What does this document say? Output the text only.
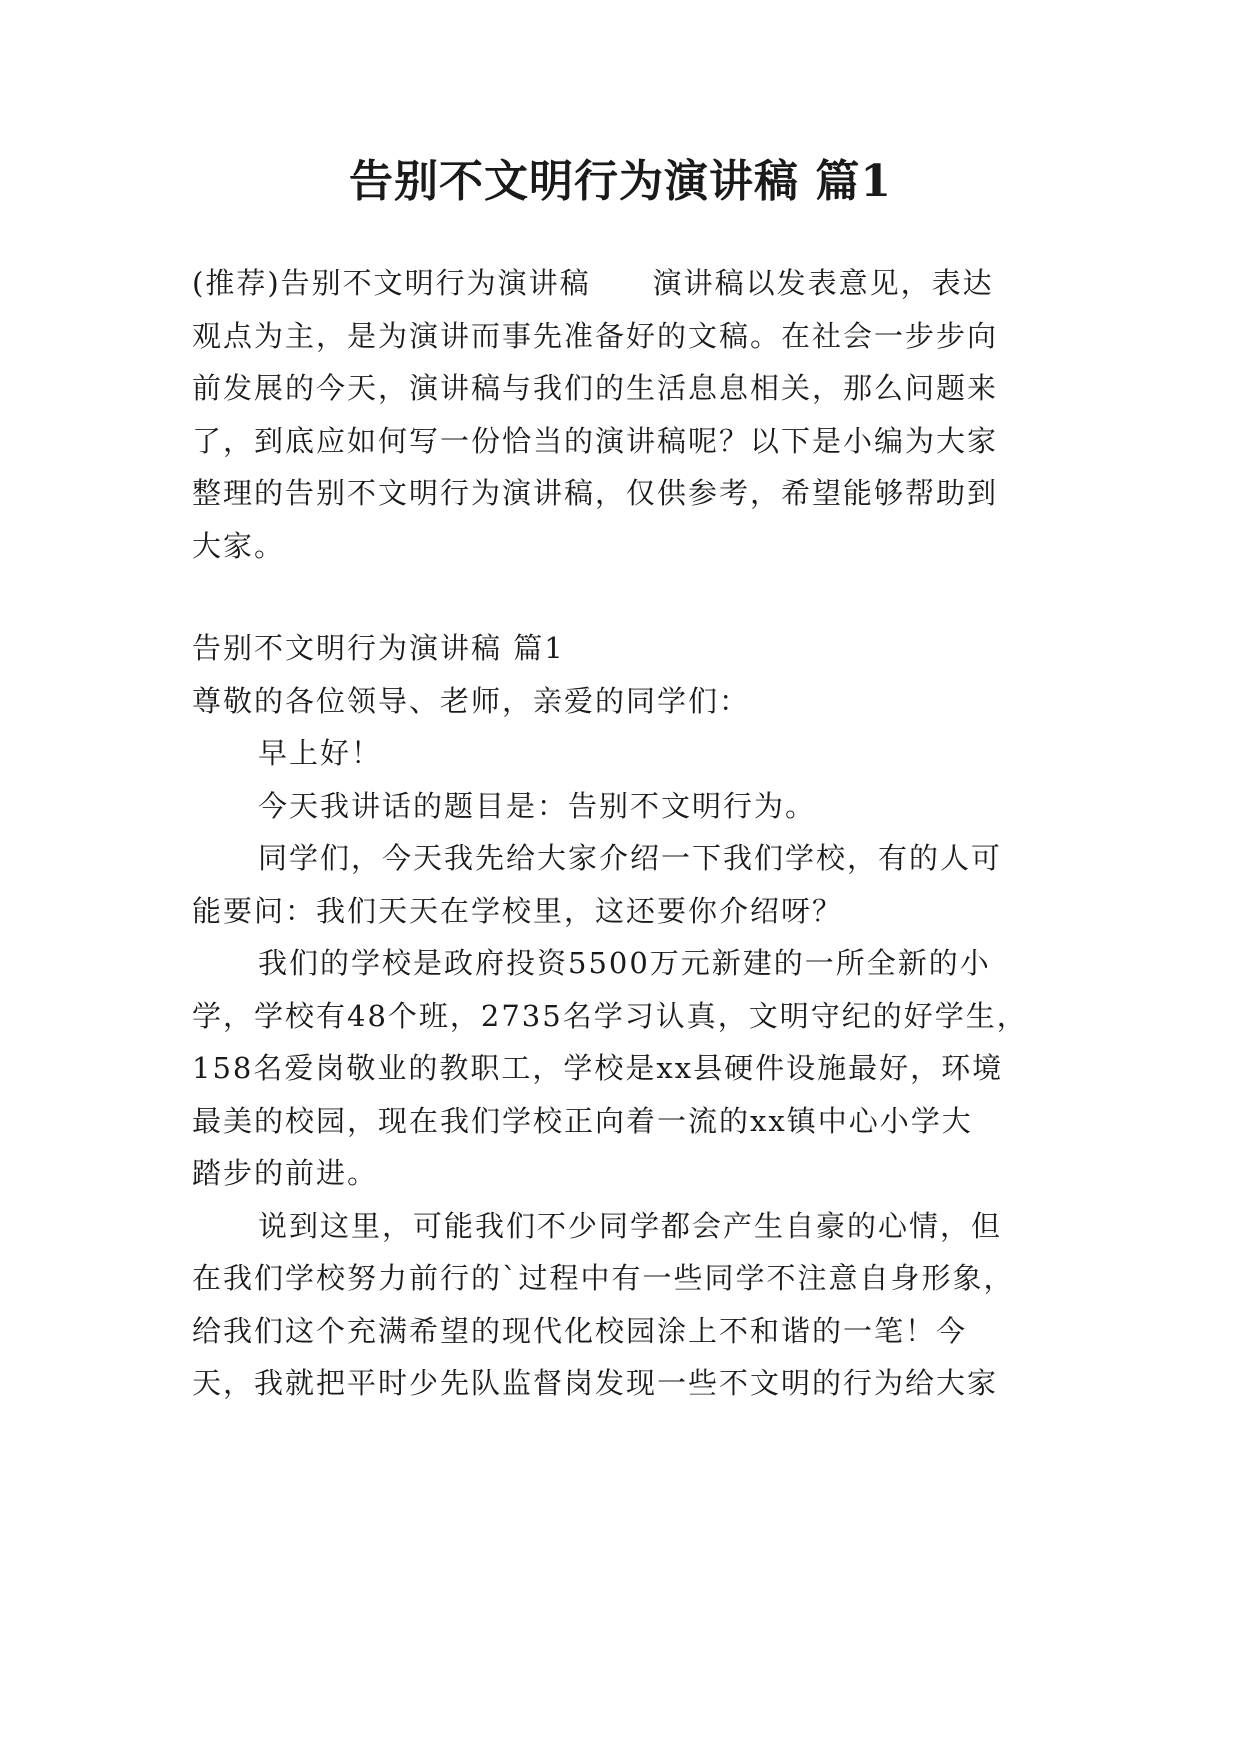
告别不文明行为演讲稿 篇1
(推荐)告别不文明行为演讲稿 演讲稿以发表意见，表达
观点为主，是为演讲而事先准备好的文稿。在社会一步步向
前发展的今天，演讲稿与我们的生活息息相关，那么问题来
了，到底应如何写一份恰当的演讲稿呢？以下是小编为大家
整理的告别不文明行为演讲稿，仅供参考，希望能够帮助到
大家。
告别不文明行为演讲稿 篇1
尊敬的各位领导、老师，亲爱的同学们：
早上好！
今天我讲话的题目是：告别不文明行为。
同学们，今天我先给大家介绍一下我们学校，有的人可
能要问：我们天天在学校里，这还要你介绍呀？
我们的学校是政府投资5500万元新建的一所全新的小
学，学校有48个班，2735名学习认真，文明守纪的好学生，
158名爱岗敬业的教职工，学校是xx县硬件设施最好，环境
最美的校园，现在我们学校正向着一流的xx镇中心小学大
踏步的前进。
说到这里，可能我们不少同学都会产生自豪的心情，但
在我们学校努力前行的`过程中有一些同学不注意自身形象，
给我们这个充满希望的现代化校园涂上不和谐的一笔！今
天，我就把平时少先队监督岗发现一些不文明的行为给大家
